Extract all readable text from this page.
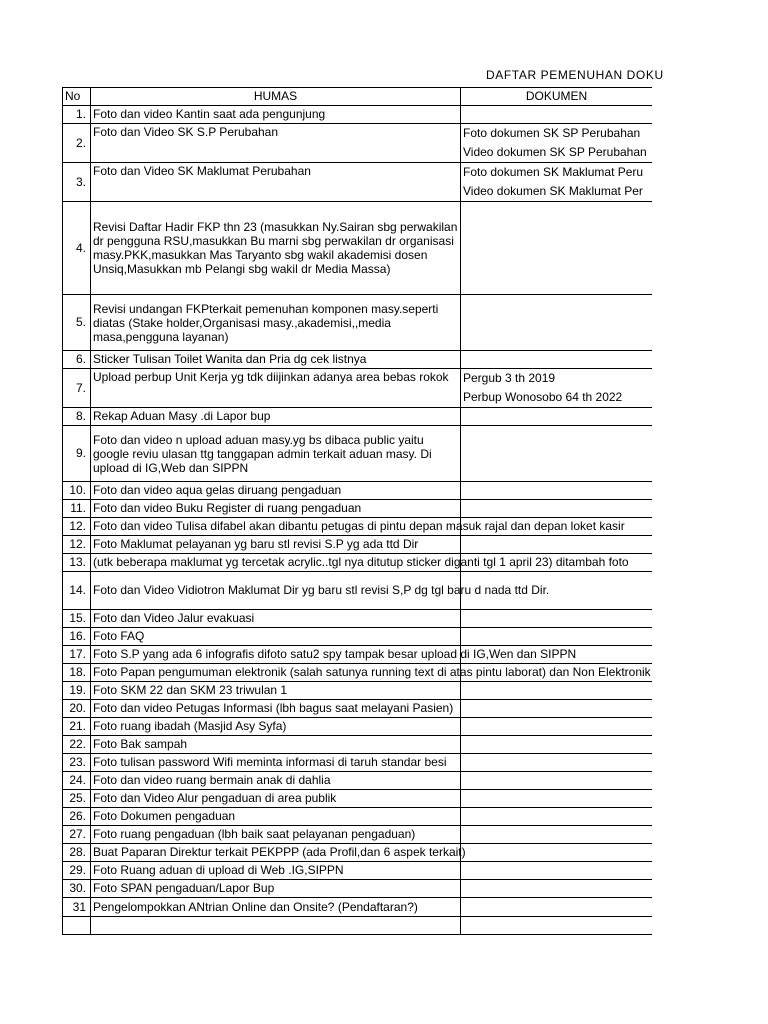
DAFTAR PEMENUHAN DOKU
No	HUMAS	DOKUMEN
1.	Foto dan video Kantin saat ada pengunjung	
2.	Foto dan Video SK S.P Perubahan	Foto dokumen SK SP Perubahan
Video dokumen SK SP Perubahan

3.	Foto dan Video SK Maklumat Perubahan	Foto dokumen SK Maklumat Peru
Video dokumen SK Maklumat Per

4.	Revisi Daftar Hadir FKP thn 23 (masukkan Ny.Sairan sbg perwakilan dr pengguna RSU,masukkan Bu marni sbg perwakilan dr organisasi masy.PKK,masukkan Mas Taryanto sbg wakil akademisi dosen Unsiq,Masukkan mb Pelangi sbg wakil dr Media Massa)	
5.	Revisi undangan FKPterkait pemenuhan komponen masy.seperti diatas (Stake holder,Organisasi masy.,akademisi,,media masa,pengguna layanan)	
6.	Sticker Tulisan Toilet Wanita dan Pria dg cek listnya	
7.	Upload perbup Unit Kerja yg tdk diijinkan adanya area bebas rokok	Pergub 3 th 2019
Perbup Wonosobo 64 th 2022

8.	Rekap Aduan Masy .di Lapor bup	
9.	Foto dan video n upload aduan masy.yg bs dibaca public yaitu google reviu ulasan ttg tanggapan admin terkait aduan masy. Di upload di IG,Web dan SIPPN	
10.	Foto dan video aqua gelas diruang pengaduan	
11.	Foto dan video Buku Register di ruang pengaduan	
12.	Foto dan video Tulisa difabel akan dibantu petugas di pintu depan masuk rajal dan depan loket kasir	
12.	Foto Maklumat pelayanan yg baru stl revisi S.P yg ada ttd Dir	
13.	(utk beberapa maklumat yg tercetak acrylic..tgl nya ditutup sticker diganti tgl 1 april 23) ditambah foto	
14.	Foto dan Video Vidiotron Maklumat Dir yg baru stl revisi S,P dg tgl baru d nada ttd Dir.	
15.	Foto dan Video Jalur evakuasi	
16.	Foto FAQ	
17.	Foto S.P yang ada 6 infografis difoto satu2 spy tampak besar upload di IG,Wen dan SIPPN	
18.	Foto Papan pengumuman elektronik (salah satunya running text di atas pintu laborat) dan Non Elektronik	
19.	Foto SKM 22 dan SKM 23 triwulan 1	
20.	Foto dan video Petugas Informasi (lbh bagus saat melayani Pasien)	
21.	Foto ruang ibadah (Masjid Asy Syfa)	
22.	Foto Bak sampah	
23.	Foto tulisan password Wifi meminta informasi di taruh standar besi	
24.	Foto dan video ruang bermain anak di dahlia	
25.	Foto dan Video Alur pengaduan di area publik	
26.	Foto Dokumen pengaduan	
27.	Foto ruang pengaduan (lbh baik saat pelayanan pengaduan)	
28.	Buat Paparan Direktur terkait PEKPPP (ada Profil,dan 6 aspek terkait)	
29.	Foto Ruang aduan di upload di Web .IG,SIPPN	
30.	Foto SPAN pengaduan/Lapor Bup	
31	Pengelompokkan ANtrian Online dan Onsite? (Pendaftaran?)	
